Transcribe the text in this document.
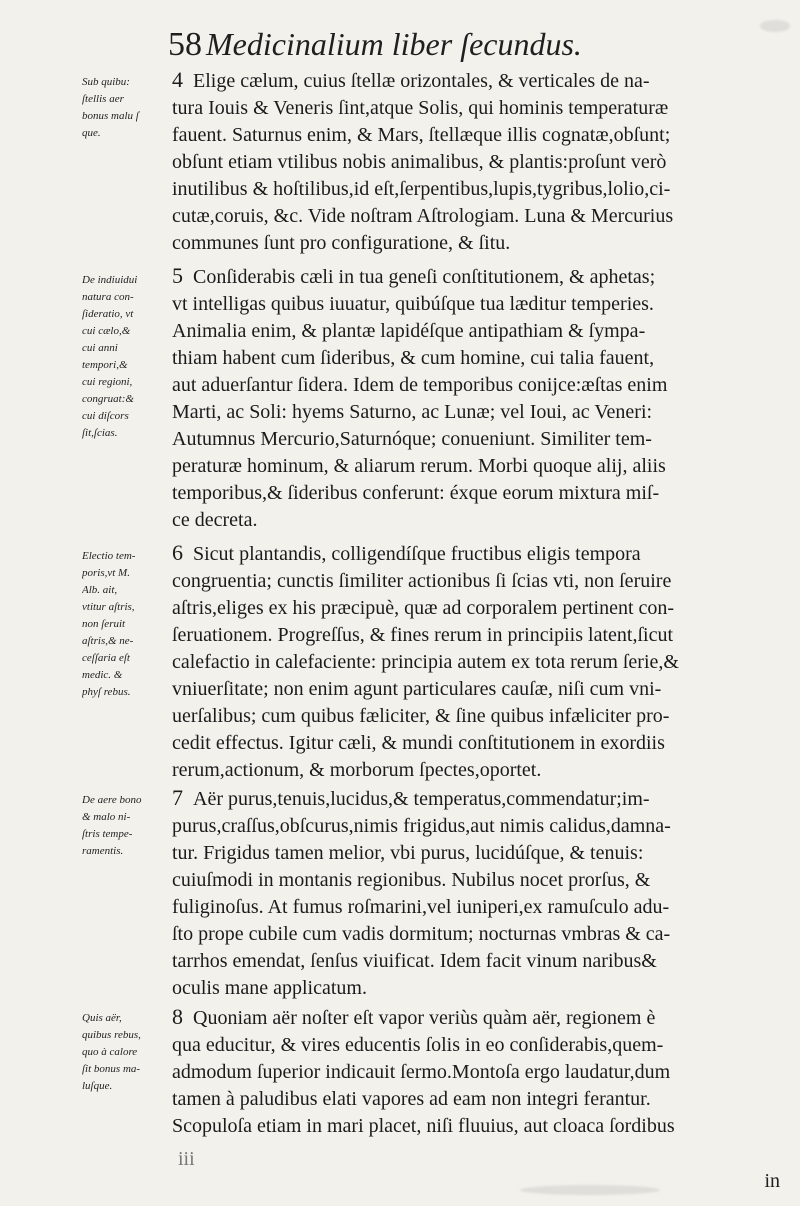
58 Medicinalium liber ſecundus.
Sub quibu:
ſtellis aer
bonus malu ſ
que.
4 Elige cælum, cuius ſtellæ orizontales, & verticales de na-
tura Iouis & Veneris ſint,atque Solis, qui hominis temperaturæ
fauent. Saturnus enim, & Mars, ſtellæque illis cognatæ,obſunt;
obſunt etiam vtilibus nobis animalibus, & plantis:proſunt verò
inutilibus & hoſtilibus,id eſt,ſerpentibus,lupis,tygribus,lolio,ci-
cutæ,coruis, &c. Vide noſtram Aſtrologiam. Luna & Mercurius
communes ſunt pro configuratione, & ſitu.
De indiuidui
natura con-
ſideratio, vt
cui cælo,&
cui anni
tempori,&
cui regioni,
congruat:&
cui diſcors
ſit,ſcias.
5 Conſiderabis cæli in tua geneſi conſtitutionem, & aphetas;
vt intelligas quibus iuuatur, quibúſque tua læditur temperies.
Animalia enim, & plantæ lapidéſque antipathiam & ſympa-
thiam habent cum ſideribus, & cum homine, cui talia fauent,
aut aduerſantur ſidera. Idem de temporibus conijce:æſtas enim
Marti, ac Soli: hyems Saturno, ac Lunæ; vel Ioui, ac Veneri:
Autumnus Mercurio,Saturnóque; conueniunt. Similiter tem-
peraturæ hominum, & aliarum rerum. Morbi quoque alij, aliis
temporibus,& ſideribus conferunt: éxque eorum mixtura miſ-
ce decreta.
Electio tem-
poris,vt M.
Alb. ait,
vtitur aſtris,
non ſeruit
aſtris,& ne-
ceſſaria eſt
medic. &
phyſ rebus.
6 Sicut plantandis, colligendíſque fructibus eligis tempora
congruentia; cunctis ſimiliter actionibus ſi ſcias vti, non ſeruire
aſtris,eliges ex his præcipuè, quæ ad corporalem pertinent con-
ſeruationem. Progreſſus, & fines rerum in principiis latent,ſicut
calefactio in calefaciente: principia autem ex tota rerum ſerie,&
vniuerſitate; non enim agunt particulares cauſæ, niſi cum vni-
uerſalibus; cum quibus fæliciter, & ſine quibus infæliciter pro-
cedit effectus. Igitur cæli, & mundi conſtitutionem in exordiis
rerum,actionum, & morborum ſpectes,oportet.
De aere bono
& malo ni-
ſtris tempe-
ramentis.
7 Aër purus,tenuis,lucidus,& temperatus,commendatur;im-
purus,craſſus,obſcurus,nimis frigidus,aut nimis calidus,damna-
tur. Frigidus tamen melior, vbi purus, lucidúſque, & tenuis:
cuiuſmodi in montanis regionibus. Nubilus nocet prorſus, &
fuliginoſus. At fumus roſmarini,vel iuniperi,ex ramuſculo adu-
ſto prope cubile cum vadis dormitum; nocturnas vmbras & ca-
tarrhos emendat, ſenſus viuificat. Idem facit vinum naribus&
oculis mane applicatum.
Quis aër,
quibus rebus,
quo à calore
ſit bonus ma-
luſque.
8 Quoniam aër noſter eſt vapor veriùs quàm aër, regionem è
qua educitur, & vires educentis ſolis in eo conſiderabis,quem-
admodum ſuperior indicauit ſermo.Montoſa ergo laudatur,dum
tamen à paludibus elati vapores ad eam non integri ferantur.
Scopuloſa etiam in mari placet, niſi fluuius, aut cloaca ſordibus
iii
in
